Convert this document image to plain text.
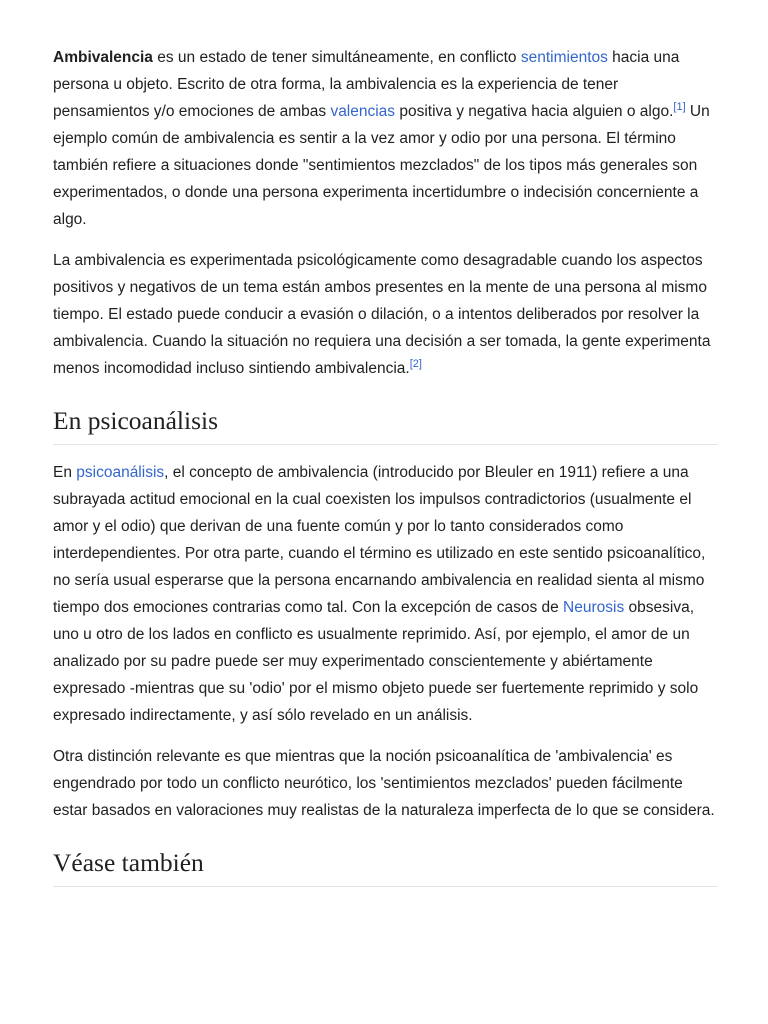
Ambivalencia es un estado de tener simultáneamente, en conflicto sentimientos hacia una persona u objeto. Escrito de otra forma, la ambivalencia es la experiencia de tener pensamientos y/o emociones de ambas valencias positiva y negativa hacia alguien o algo.[1] Un ejemplo común de ambivalencia es sentir a la vez amor y odio por una persona. El término también refiere a situaciones donde "sentimientos mezclados" de los tipos más generales son experimentados, o donde una persona experimenta incertidumbre o indecisión concerniente a algo.

La ambivalencia es experimentada psicológicamente como desagradable cuando los aspectos positivos y negativos de un tema están ambos presentes en la mente de una persona al mismo tiempo. El estado puede conducir a evasión o dilación, o a intentos deliberados por resolver la ambivalencia. Cuando la situación no requiera una decisión a ser tomada, la gente experimenta menos incomodidad incluso sintiendo ambivalencia.[2]

En psicoanálisis

En psicoanálisis, el concepto de ambivalencia (introducido por Bleuler en 1911) refiere a una subrayada actitud emocional en la cual coexisten los impulsos contradictorios (usualmente el amor y el odio) que derivan de una fuente común y por lo tanto considerados como interdependientes. Por otra parte, cuando el término es utilizado en este sentido psicoanalítico, no sería usual esperarse que la persona encarnando ambivalencia en realidad sienta al mismo tiempo dos emociones contrarias como tal. Con la excepción de casos de Neurosis obsesiva, uno u otro de los lados en conflicto es usualmente reprimido. Así, por ejemplo, el amor de un analizado por su padre puede ser muy experimentado conscientemente y abiértamente expresado -mientras que su 'odio' por el mismo objeto puede ser fuertemente reprimido y solo expresado indirectamente, y así sólo revelado en un análisis.

Otra distinción relevante es que mientras que la noción psicoanalítica de 'ambivalencia' es engendrado por todo un conflicto neurótico, los 'sentimientos mezclados' pueden fácilmente estar basados en valoraciones muy realistas de la naturaleza imperfecta de lo que se considera.

Véase también
